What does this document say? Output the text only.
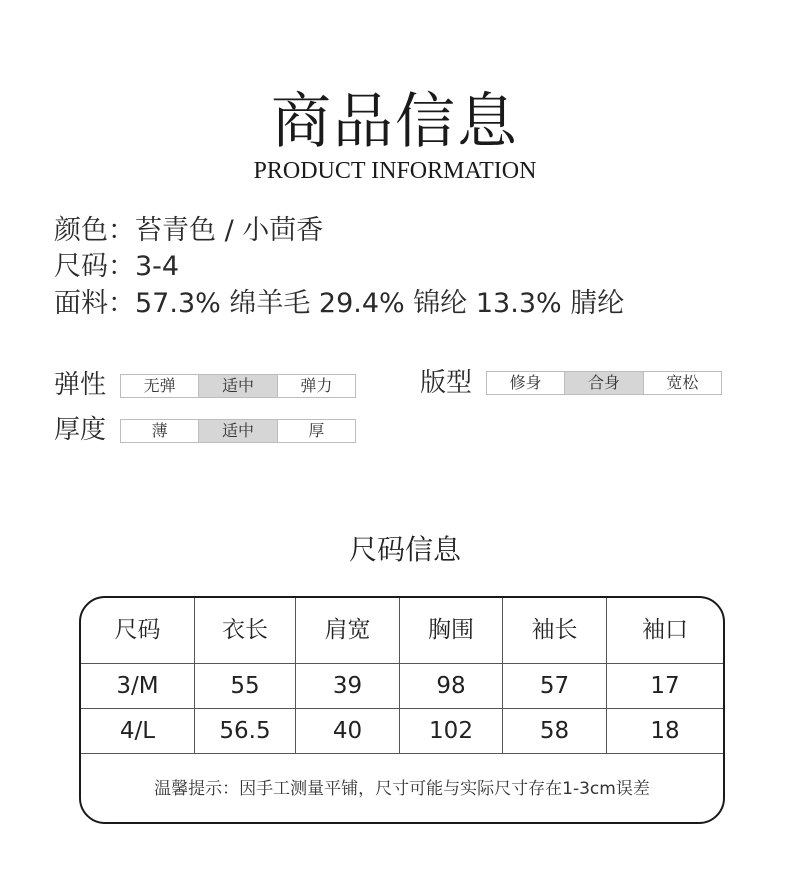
商品信息
PRODUCT INFORMATION
颜色：苔青色 / 小茴香
尺码：3-4
面料：57.3% 绵羊毛 29.4% 锦纶 13.3% 腈纶
弹性	无弹	适中	弹力	版型	修身	合身	宽松
厚度	薄	适中	厚
尺码信息
尺码	衣长	肩宽	胸围	袖长	袖口
3/M	55	39	98	57	17
4/L	56.5	40	102	58	18
温馨提示：因手工测量平铺，尺寸可能与实际尺寸存在1-3cm误差
